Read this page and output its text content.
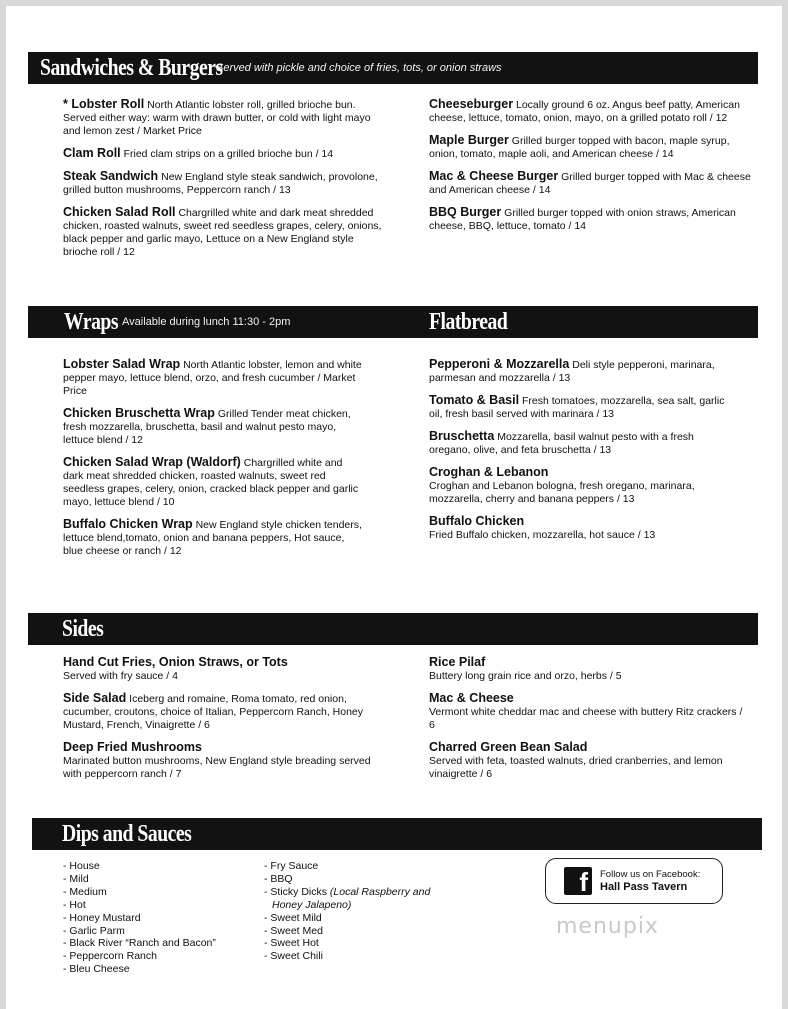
Sandwiches & Burgers
Served with pickle and choice of fries, tots, or onion straws
* Lobster Roll North Atlantic lobster roll, grilled brioche bun. Served either way: warm with drawn butter, or cold with light mayo and lemon zest / Market Price
Clam Roll Fried clam strips on a grilled brioche bun / 14
Steak Sandwich New England style steak sandwich, provolone, grilled button mushrooms, Peppercorn ranch / 13
Chicken Salad Roll Chargrilled white and dark meat shredded chicken, roasted walnuts, sweet red seedless grapes, celery, onions, black pepper and garlic mayo, Lettuce on a New England style brioche roll / 12
Cheeseburger Locally ground 6 oz. Angus beef patty, American cheese, lettuce, tomato, onion, mayo, on a grilled potato roll / 12
Maple Burger Grilled burger topped with bacon, maple syrup, onion, tomato, maple aoli, and American cheese / 14
Mac & Cheese Burger Grilled burger topped with Mac & cheese and American cheese / 14
BBQ Burger Grilled burger topped with onion straws, American cheese, BBQ, lettuce, tomato / 14
Wraps Available during lunch 11:30 - 2pm	Flatbread
Lobster Salad Wrap North Atlantic lobster, lemon and white pepper mayo, lettuce blend, orzo, and fresh cucumber / Market Price
Chicken Bruschetta Wrap Grilled Tender meat chicken, fresh mozzarella, bruschetta, basil and walnut pesto mayo, lettuce blend / 12
Chicken Salad Wrap (Waldorf) Chargrilled white and dark meat shredded chicken, roasted walnuts, sweet red seedless grapes, celery, onion, cracked black pepper and garlic mayo, lettuce blend / 10
Buffalo Chicken Wrap New England style chicken tenders, lettuce blend,tomato, onion and banana peppers, Hot sauce, blue cheese or ranch / 12
Pepperoni & Mozzarella Deli style pepperoni, marinara, parmesan and mozzarella / 13
Tomato & Basil Fresh tomatoes, mozzarella, sea salt, garlic oil, fresh basil served with marinara / 13
Bruschetta Mozzarella, basil walnut pesto with a fresh oregano, olive, and feta bruschetta / 13
Croghan & Lebanon
Croghan and Lebanon bologna, fresh oregano, marinara, mozzarella, cherry and banana peppers / 13
Buffalo Chicken
Fried Buffalo chicken, mozzarella, hot sauce / 13
Sides
Hand Cut Fries, Onion Straws, or Tots
Served with fry sauce / 4
Side Salad Iceberg and romaine, Roma tomato, red onion, cucumber, croutons, choice of Italian, Peppercorn Ranch, Honey Mustard, French, Vinaigrette / 6
Deep Fried Mushrooms
Marinated button mushrooms, New England style breading served with peppercorn ranch / 7
Rice Pilaf
Buttery long grain rice and orzo, herbs / 5
Mac & Cheese
Vermont white cheddar mac and cheese with buttery Ritz crackers / 6
Charred Green Bean Salad
Served with feta, toasted walnuts, dried cranberries, and lemon vinaigrette / 6
Dips and Sauces
- House
- Mild
- Medium
- Hot
- Honey Mustard
- Garlic Parm
- Black River “Ranch and Bacon”
- Peppercorn Ranch
- Bleu Cheese
- Fry Sauce
- BBQ
- Sticky Dicks (Local Raspberry and
Honey Jalapeno)
- Sweet Mild
- Sweet Med
- Sweet Hot
- Sweet Chili
f	Follow us on Facebook:
Hall Pass Tavern
menupix
